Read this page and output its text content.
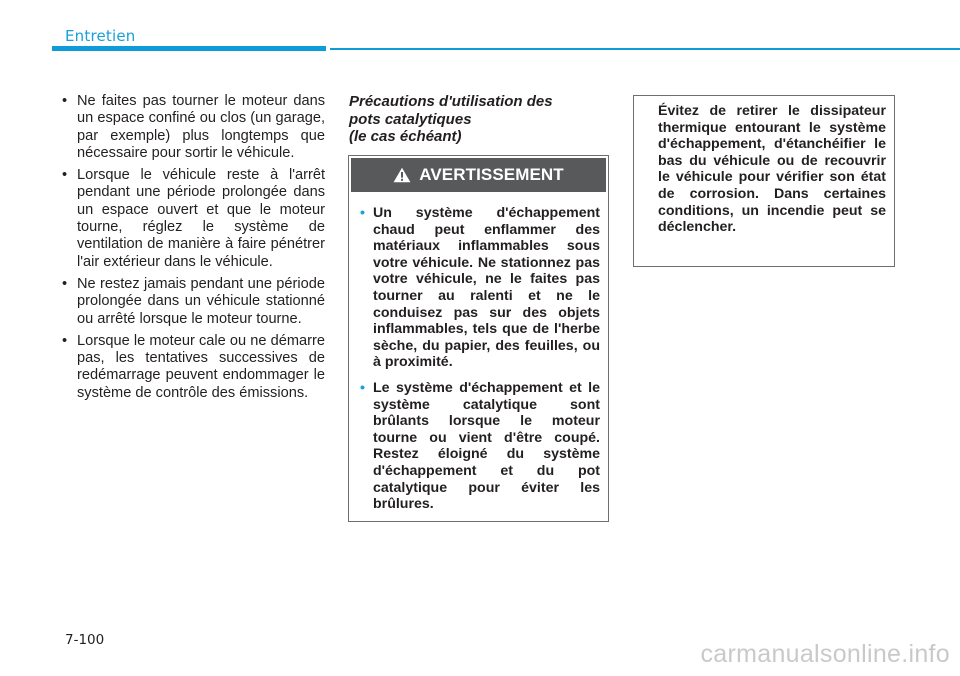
Entretien
• Ne faites pas tourner le moteur dans un espace confiné ou clos (un garage, par exemple) plus longtemps que nécessaire pour sortir le véhicule.
• Lorsque le véhicule reste à l'arrêt pendant une période prolongée dans un espace ouvert et que le moteur tourne, réglez le système de ventilation de manière à faire pénétrer l'air extérieur dans le véhicule.
• Ne restez jamais pendant une période prolongée dans un véhicule stationné ou arrêté lorsque le moteur tourne.
• Lorsque le moteur cale ou ne démarre pas, les tentatives successives de redémarrage peuvent endommager le système de contrôle des émissions.
Précautions d'utilisation des
pots catalytiques
(le cas échéant)
AVERTISSEMENT
• Un système d'échappement chaud peut enflammer des matériaux inflammables sous votre véhicule. Ne stationnez pas votre véhicule, ne le faites pas tourner au ralenti et ne le conduisez pas sur des objets inflammables, tels que de l'herbe sèche, du papier, des feuilles, ou à proximité.
• Le système d'échappement et le système catalytique sont brûlants lorsque le moteur tourne ou vient d'être coupé. Restez éloigné du système d'échappement et du pot catalytique pour éviter les brûlures.
Évitez de retirer le dissipateur thermique entourant le système d'échappement, d'étanchéifier le bas du véhicule ou de recouvrir le véhicule pour vérifier son état de corrosion. Dans certaines conditions, un incendie peut se déclencher.
7-100	carmanualsonline.info
